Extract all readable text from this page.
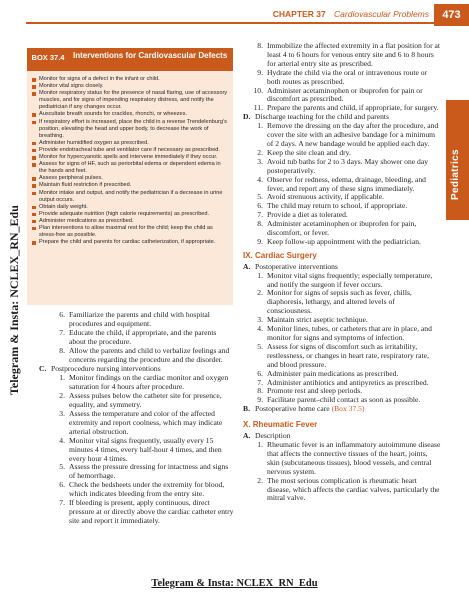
473
CHAPTER 37 Cardiovascular Problems
Pediatrics
Telegram & Insta: NCLEX_RN_Edu
Telegram & Insta: NCLEX_RN_Edu
BOX 37.4	Interventions for Cardiovascular Defects
Monitor for signs of a defect in the infant or child.
Monitor vital signs closely.
Monitor respiratory status for the presence of nasal flaring, use of accessory muscles, and for signs of impending respiratory distress, and notify the pediatrician if any changes occur.
Auscultate breath sounds for crackles, rhonchi, or wheezes.
If respiratory effort is increased, place the child in a reverse Trendelenburg’s position, elevating the head and upper body, to decrease the work of breathing.
Administer humidified oxygen as prescribed.
Provide endotracheal tube and ventilator care if necessary as prescribed.
Monitor for hypercyanotic spells and intervene immediately if they occur.
Assess for signs of HF, such as periorbital edema or dependent edema in the hands and feet.
Assess peripheral pulses.
Maintain fluid restriction if prescribed.
Monitor intake and output, and notify the pediatrician if a decrease in urine output occurs.
Obtain daily weight.
Provide adequate nutrition (high calorie requirements) as prescribed.
Administer medications as prescribed.
Plan interventions to allow maximal rest for the child; keep the child as stress-free as possible.
Prepare the child and parents for cardiac catheterization, if appropriate.
6. Familiarize the parents and child with hospital procedures and equipment.
7. Educate the child, if appropriate, and the parents about the procedure.
8. Allow the parents and child to verbalize feelings and concerns regarding the procedure and the disorder.
C. Postprocedure nursing interventions
1. Monitor findings on the cardiac monitor and oxygen saturation for 4 hours after procedure.
2. Assess pulses below the catheter site for presence, equality, and symmetry.
3. Assess the temperature and color of the affected extremity and report coolness, which may indicate arterial obstruction.
4. Monitor vital signs frequently, usually every 15 minutes 4 times, every half-hour 4 times, and then every hour 4 times.
5. Assess the pressure dressing for intactness and signs of hemorrhage.
6. Check the bedsheets under the extremity for blood, which indicates bleeding from the entry site.
7. If bleeding is present, apply continuous, direct pressure at or directly above the cardiac catheter entry site and report it immediately.
8. Immobilize the affected extremity in a flat position for at least 4 to 6 hours for venous entry site and 6 to 8 hours for arterial entry site as prescribed.
9. Hydrate the child via the oral or intravenous route or both routes as prescribed.
10. Administer acetaminophen or ibuprofen for pain or discomfort as prescribed.
11. Prepare the parents and child, if appropriate, for surgery.
D. Discharge teaching for the child and parents
1. Remove the dressing on the day after the procedure, and cover the site with an adhesive bandage for a minimum of 2 days. A new bandage would be applied each day.
2. Keep the site clean and dry.
3. Avoid tub baths for 2 to 3 days. May shower one day postoperatively.
4. Observe for redness, edema, drainage, bleeding, and fever, and report any of these signs immediately.
5. Avoid strenuous activity, if applicable.
6. The child may return to school, if appropriate.
7. Provide a diet as tolerated.
8. Administer acetaminophen or ibuprofen for pain, discomfort, or fever.
9. Keep follow-up appointment with the pediatrician.
IX. Cardiac Surgery
A. Postoperative interventions
1. Monitor vital signs frequently; especially temperature, and notify the surgeon if fever occurs.
2. Monitor for signs of sepsis such as fever, chills, diaphoresis, lethargy, and altered levels of consciousness.
3. Maintain strict aseptic technique.
4. Monitor lines, tubes, or catheters that are in place, and monitor for signs and symptoms of infection.
5. Assess for signs of discomfort such as irritability, restlessness, or changes in heart rate, respiratory rate, and blood pressure.
6. Administer pain medications as prescribed.
7. Administer antibiotics and antipyretics as prescribed.
8. Promote rest and sleep periods.
9. Facilitate parent–child contact as soon as possible.
B. Postoperative home care (Box 37.5)
X. Rheumatic Fever
A. Description
1. Rheumatic fever is an inflammatory autoimmune disease that affects the connective tissues of the heart, joints, skin (subcutaneous tissues), blood vessels, and central nervous system.
2. The most serious complication is rheumatic heart disease, which affects the cardiac valves, particularly the mitral valve.
